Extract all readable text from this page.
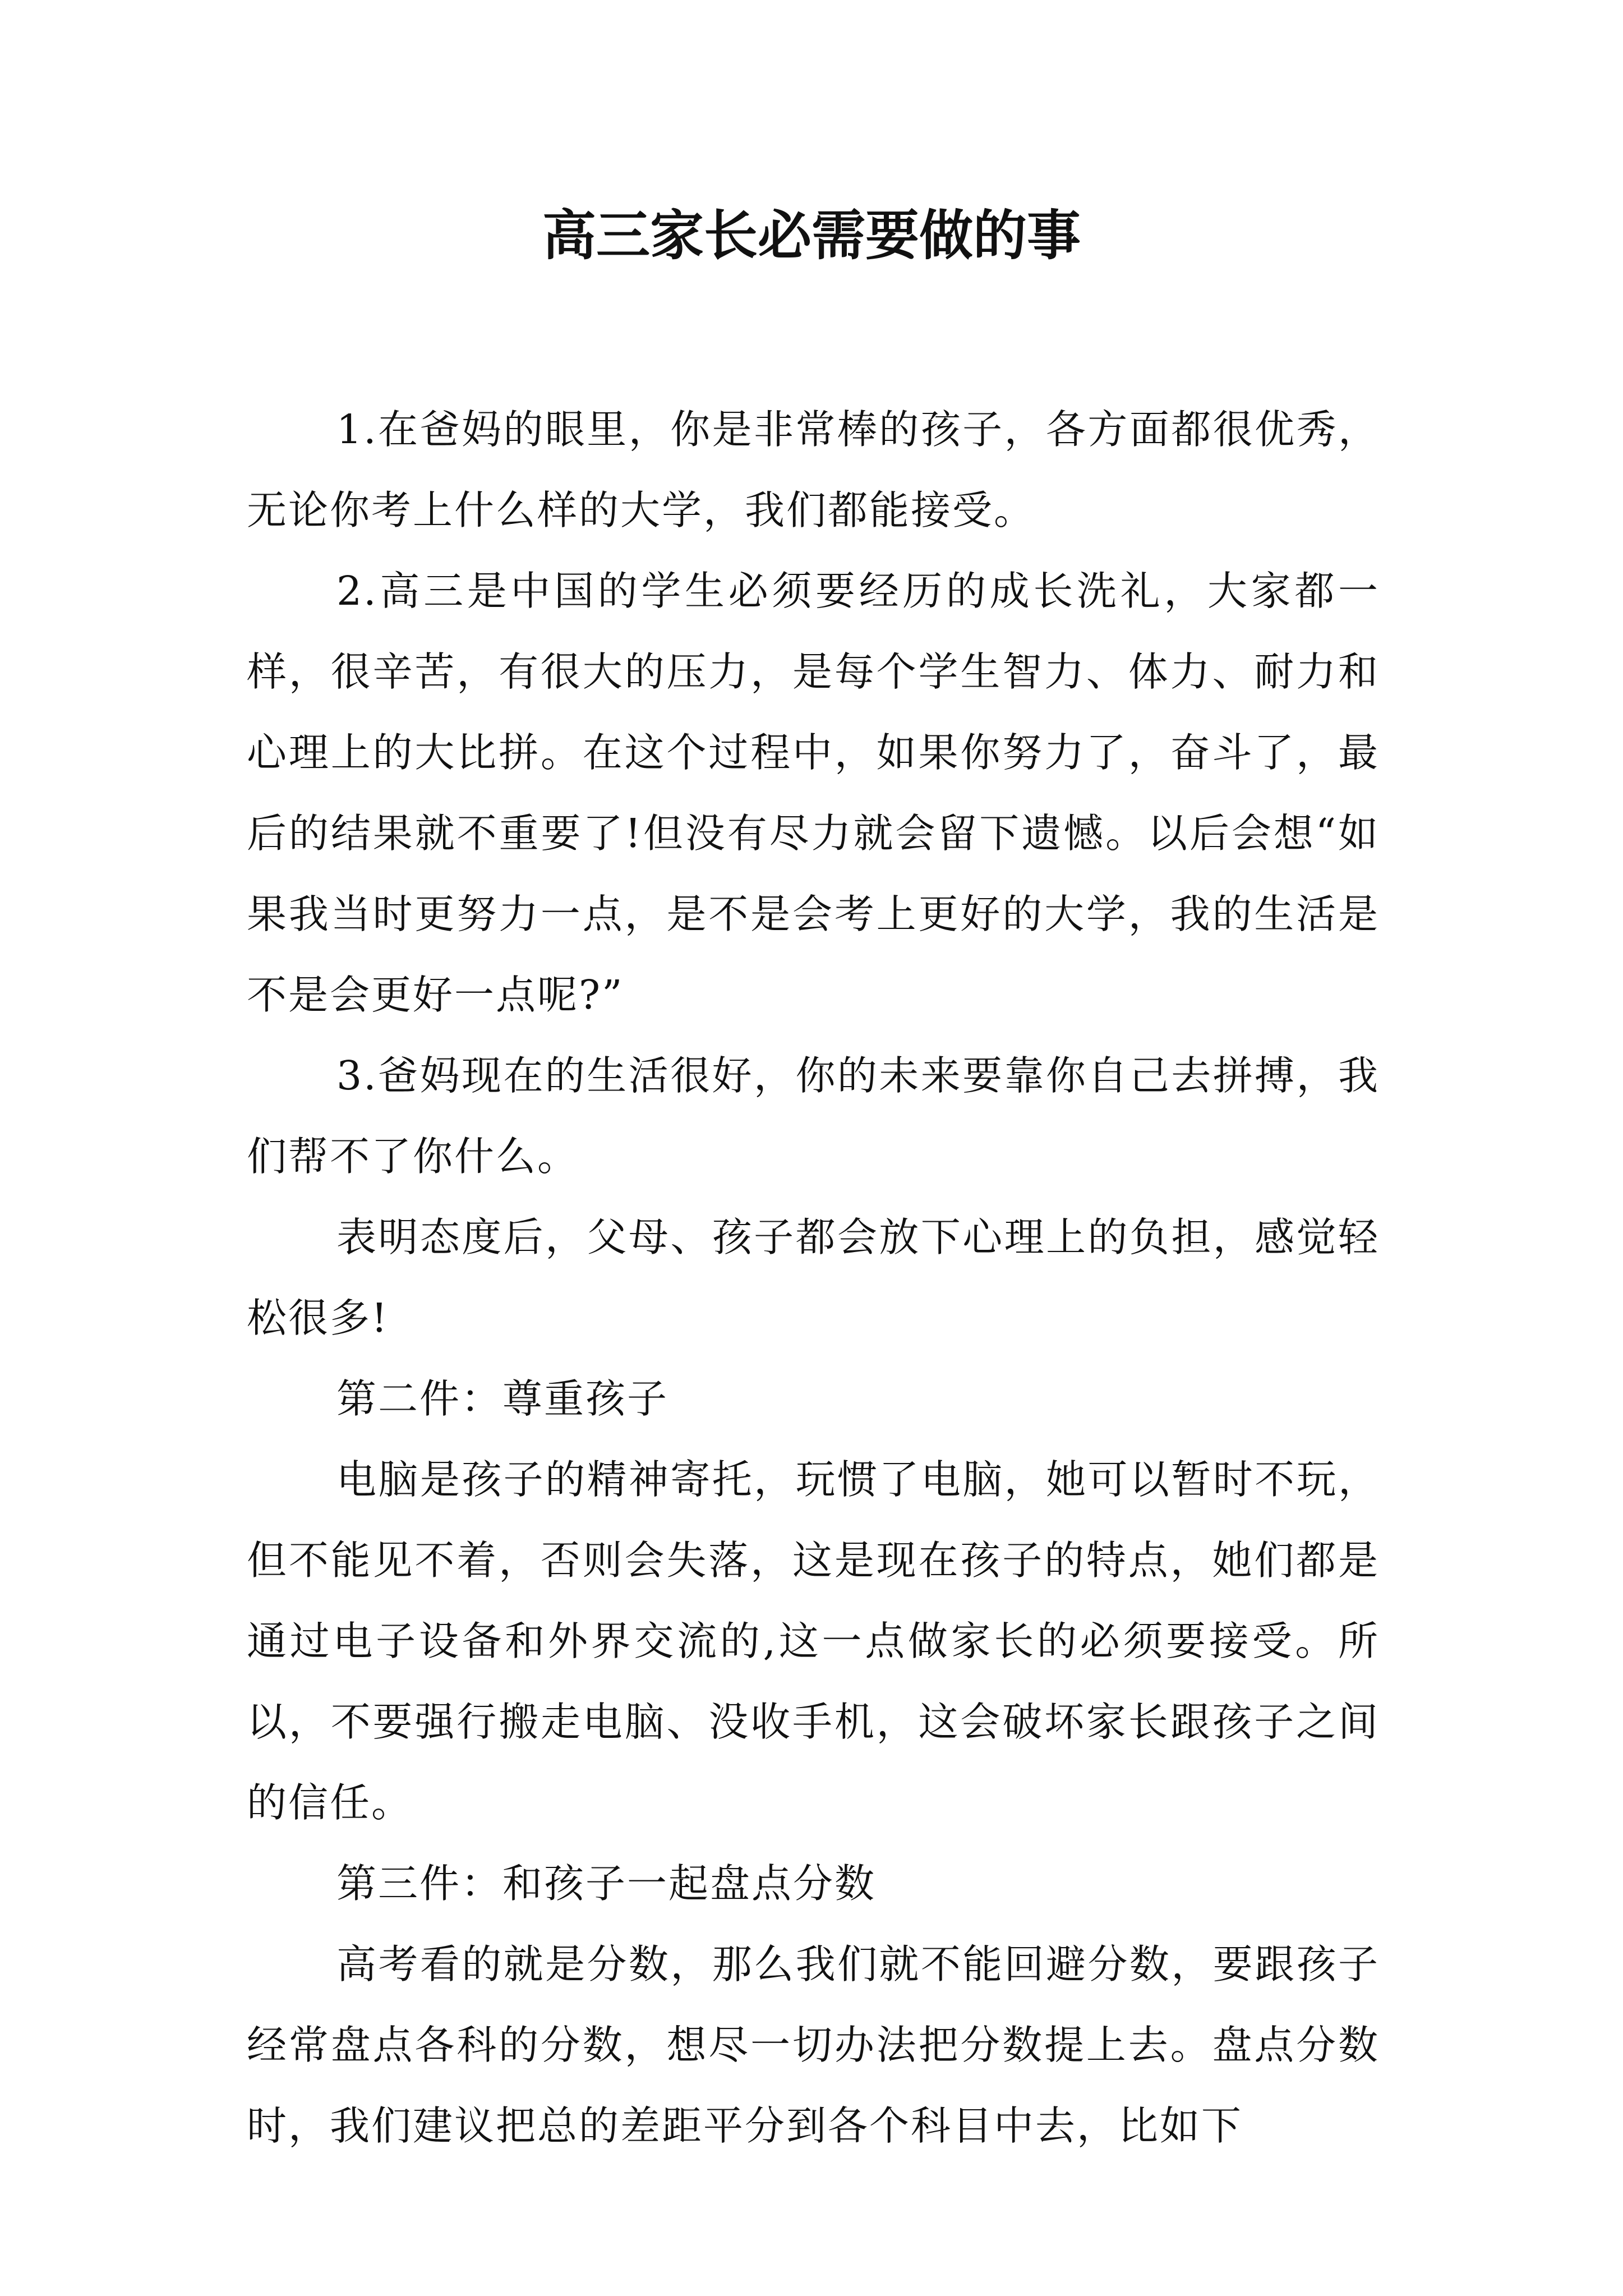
高三家长必需要做的事

1.在爸妈的眼里，你是非常棒的孩子，各方面都很优秀，无论你考上什么样的大学，我们都能接受。

2.高三是中国的学生必须要经历的成长洗礼，大家都一样，很辛苦，有很大的压力，是每个学生智力、体力、耐力和心理上的大比拼。在这个过程中，如果你努力了，奋斗了，最后的结果就不重要了!但没有尽力就会留下遗憾。以后会想“如果我当时更努力一点，是不是会考上更好的大学，我的生活是不是会更好一点呢?”

3.爸妈现在的生活很好，你的未来要靠你自己去拼搏，我们帮不了你什么。

表明态度后，父母、孩子都会放下心理上的负担，感觉轻松很多!

第二件：尊重孩子

电脑是孩子的精神寄托，玩惯了电脑，她可以暂时不玩，但不能见不着，否则会失落，这是现在孩子的特点，她们都是通过电子设备和外界交流的,这一点做家长的必须要接受。所以，不要强行搬走电脑、没收手机，这会破坏家长跟孩子之间的信任。

第三件：和孩子一起盘点分数

高考看的就是分数，那么我们就不能回避分数，要跟孩子经常盘点各科的分数，想尽一切办法把分数提上去。盘点分数时，我们建议把总的差距平分到各个科目中去，比如下
